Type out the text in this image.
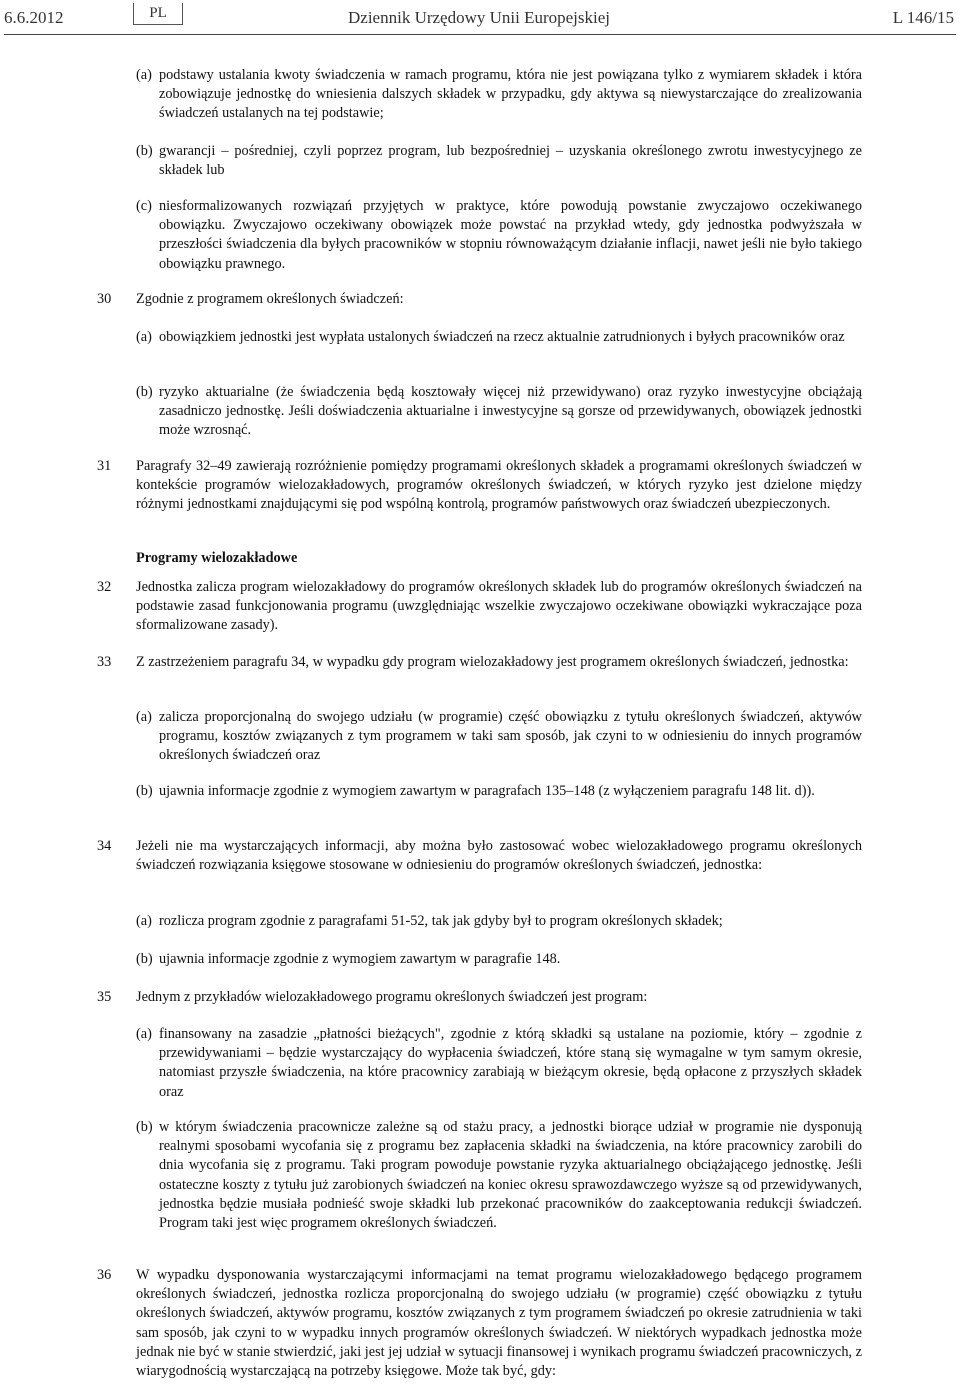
6.6.2012	PL	Dziennik Urzędowy Unii Europejskiej	L 146/15
(a) podstawy ustalania kwoty świadczenia w ramach programu, która nie jest powiązana tylko z wymiarem składek i która zobowiązuje jednostkę do wniesienia dalszych składek w przypadku, gdy aktywa są niewystarczające do zrealizowania świadczeń ustalanych na tej podstawie;
(b) gwarancji – pośredniej, czyli poprzez program, lub bezpośredniej – uzyskania określonego zwrotu inwestycyjnego ze składek lub
(c) niesformalizowanych rozwiązań przyjętych w praktyce, które powodują powstanie zwyczajowo oczekiwanego obowiązku. Zwyczajowo oczekiwany obowiązek może powstać na przykład wtedy, gdy jednostka podwyższała w przeszłości świadczenia dla byłych pracowników w stopniu równoważącym działanie inflacji, nawet jeśli nie było takiego obowiązku prawnego.
30	Zgodnie z programem określonych świadczeń:
(a) obowiązkiem jednostki jest wypłata ustalonych świadczeń na rzecz aktualnie zatrudnionych i byłych pracowników oraz
(b) ryzyko aktuarialne (że świadczenia będą kosztowały więcej niż przewidywano) oraz ryzyko inwestycyjne obciążają zasadniczo jednostkę. Jeśli doświadczenia aktuarialne i inwestycyjne są gorsze od przewidywanych, obowiązek jednostki może wzrosnąć.
31	Paragrafy 32–49 zawierają rozróżnienie pomiędzy programami określonych składek a programami określonych świadczeń w kontekście programów wielozakładowych, programów określonych świadczeń, w których ryzyko jest dzielone między różnymi jednostkami znajdującymi się pod wspólną kontrolą, programów państwowych oraz świadczeń ubezpieczonych.
Programy wielozakładowe
32	Jednostka zalicza program wielozakładowy do programów określonych składek lub do programów określonych świadczeń na podstawie zasad funkcjonowania programu (uwzględniając wszelkie zwyczajowo oczekiwane obowiązki wykraczające poza sformalizowane zasady).
33	Z zastrzeżeniem paragrafu 34, w wypadku gdy program wielozakładowy jest programem określonych świadczeń, jednostka:
(a) zalicza proporcjonalną do swojego udziału (w programie) część obowiązku z tytułu określonych świadczeń, aktywów programu, kosztów związanych z tym programem w taki sam sposób, jak czyni to w odniesieniu do innych programów określonych świadczeń oraz
(b) ujawnia informacje zgodnie z wymogiem zawartym w paragrafach 135–148 (z wyłączeniem paragrafu 148 lit. d)).
34	Jeżeli nie ma wystarczających informacji, aby można było zastosować wobec wielozakładowego programu określonych świadczeń rozwiązania księgowe stosowane w odniesieniu do programów określonych świadczeń, jednostka:
(a) rozlicza program zgodnie z paragrafami 51-52, tak jak gdyby był to program określonych składek;
(b) ujawnia informacje zgodnie z wymogiem zawartym w paragrafie 148.
35	Jednym z przykładów wielozakładowego programu określonych świadczeń jest program:
(a) finansowany na zasadzie „płatności bieżących", zgodnie z którą składki są ustalane na poziomie, który – zgodnie z przewidywaniami – będzie wystarczający do wypłacenia świadczeń, które staną się wymagalne w tym samym okresie, natomiast przyszłe świadczenia, na które pracownicy zarabiają w bieżącym okresie, będą opłacone z przyszłych składek oraz
(b) w którym świadczenia pracownicze zależne są od stażu pracy, a jednostki biorące udział w programie nie dysponują realnymi sposobami wycofania się z programu bez zapłacenia składki na świadczenia, na które pracownicy zarobili do dnia wycofania się z programu. Taki program powoduje powstanie ryzyka aktuarialnego obciążającego jednostkę. Jeśli ostateczne koszty z tytułu już zarobionych świadczeń na koniec okresu sprawozdawczego wyższe są od przewidywanych, jednostka będzie musiała podnieść swoje składki lub przekonać pracowników do zaakceptowania redukcji świadczeń. Program taki jest więc programem określonych świadczeń.
36	W wypadku dysponowania wystarczającymi informacjami na temat programu wielozakładowego będącego programem określonych świadczeń, jednostka rozlicza proporcjonalną do swojego udziału (w programie) część obowiązku z tytułu określonych świadczeń, aktywów programu, kosztów związanych z tym programem świadczeń po okresie zatrudnienia w taki sam sposób, jak czyni to w wypadku innych programów określonych świadczeń. W niektórych wypadkach jednostka może jednak nie być w stanie stwierdzić, jaki jest jej udział w sytuacji finansowej i wynikach programu świadczeń pracowniczych, z wiarygodnością wystarczającą na potrzeby księgowe. Może tak być, gdy:
